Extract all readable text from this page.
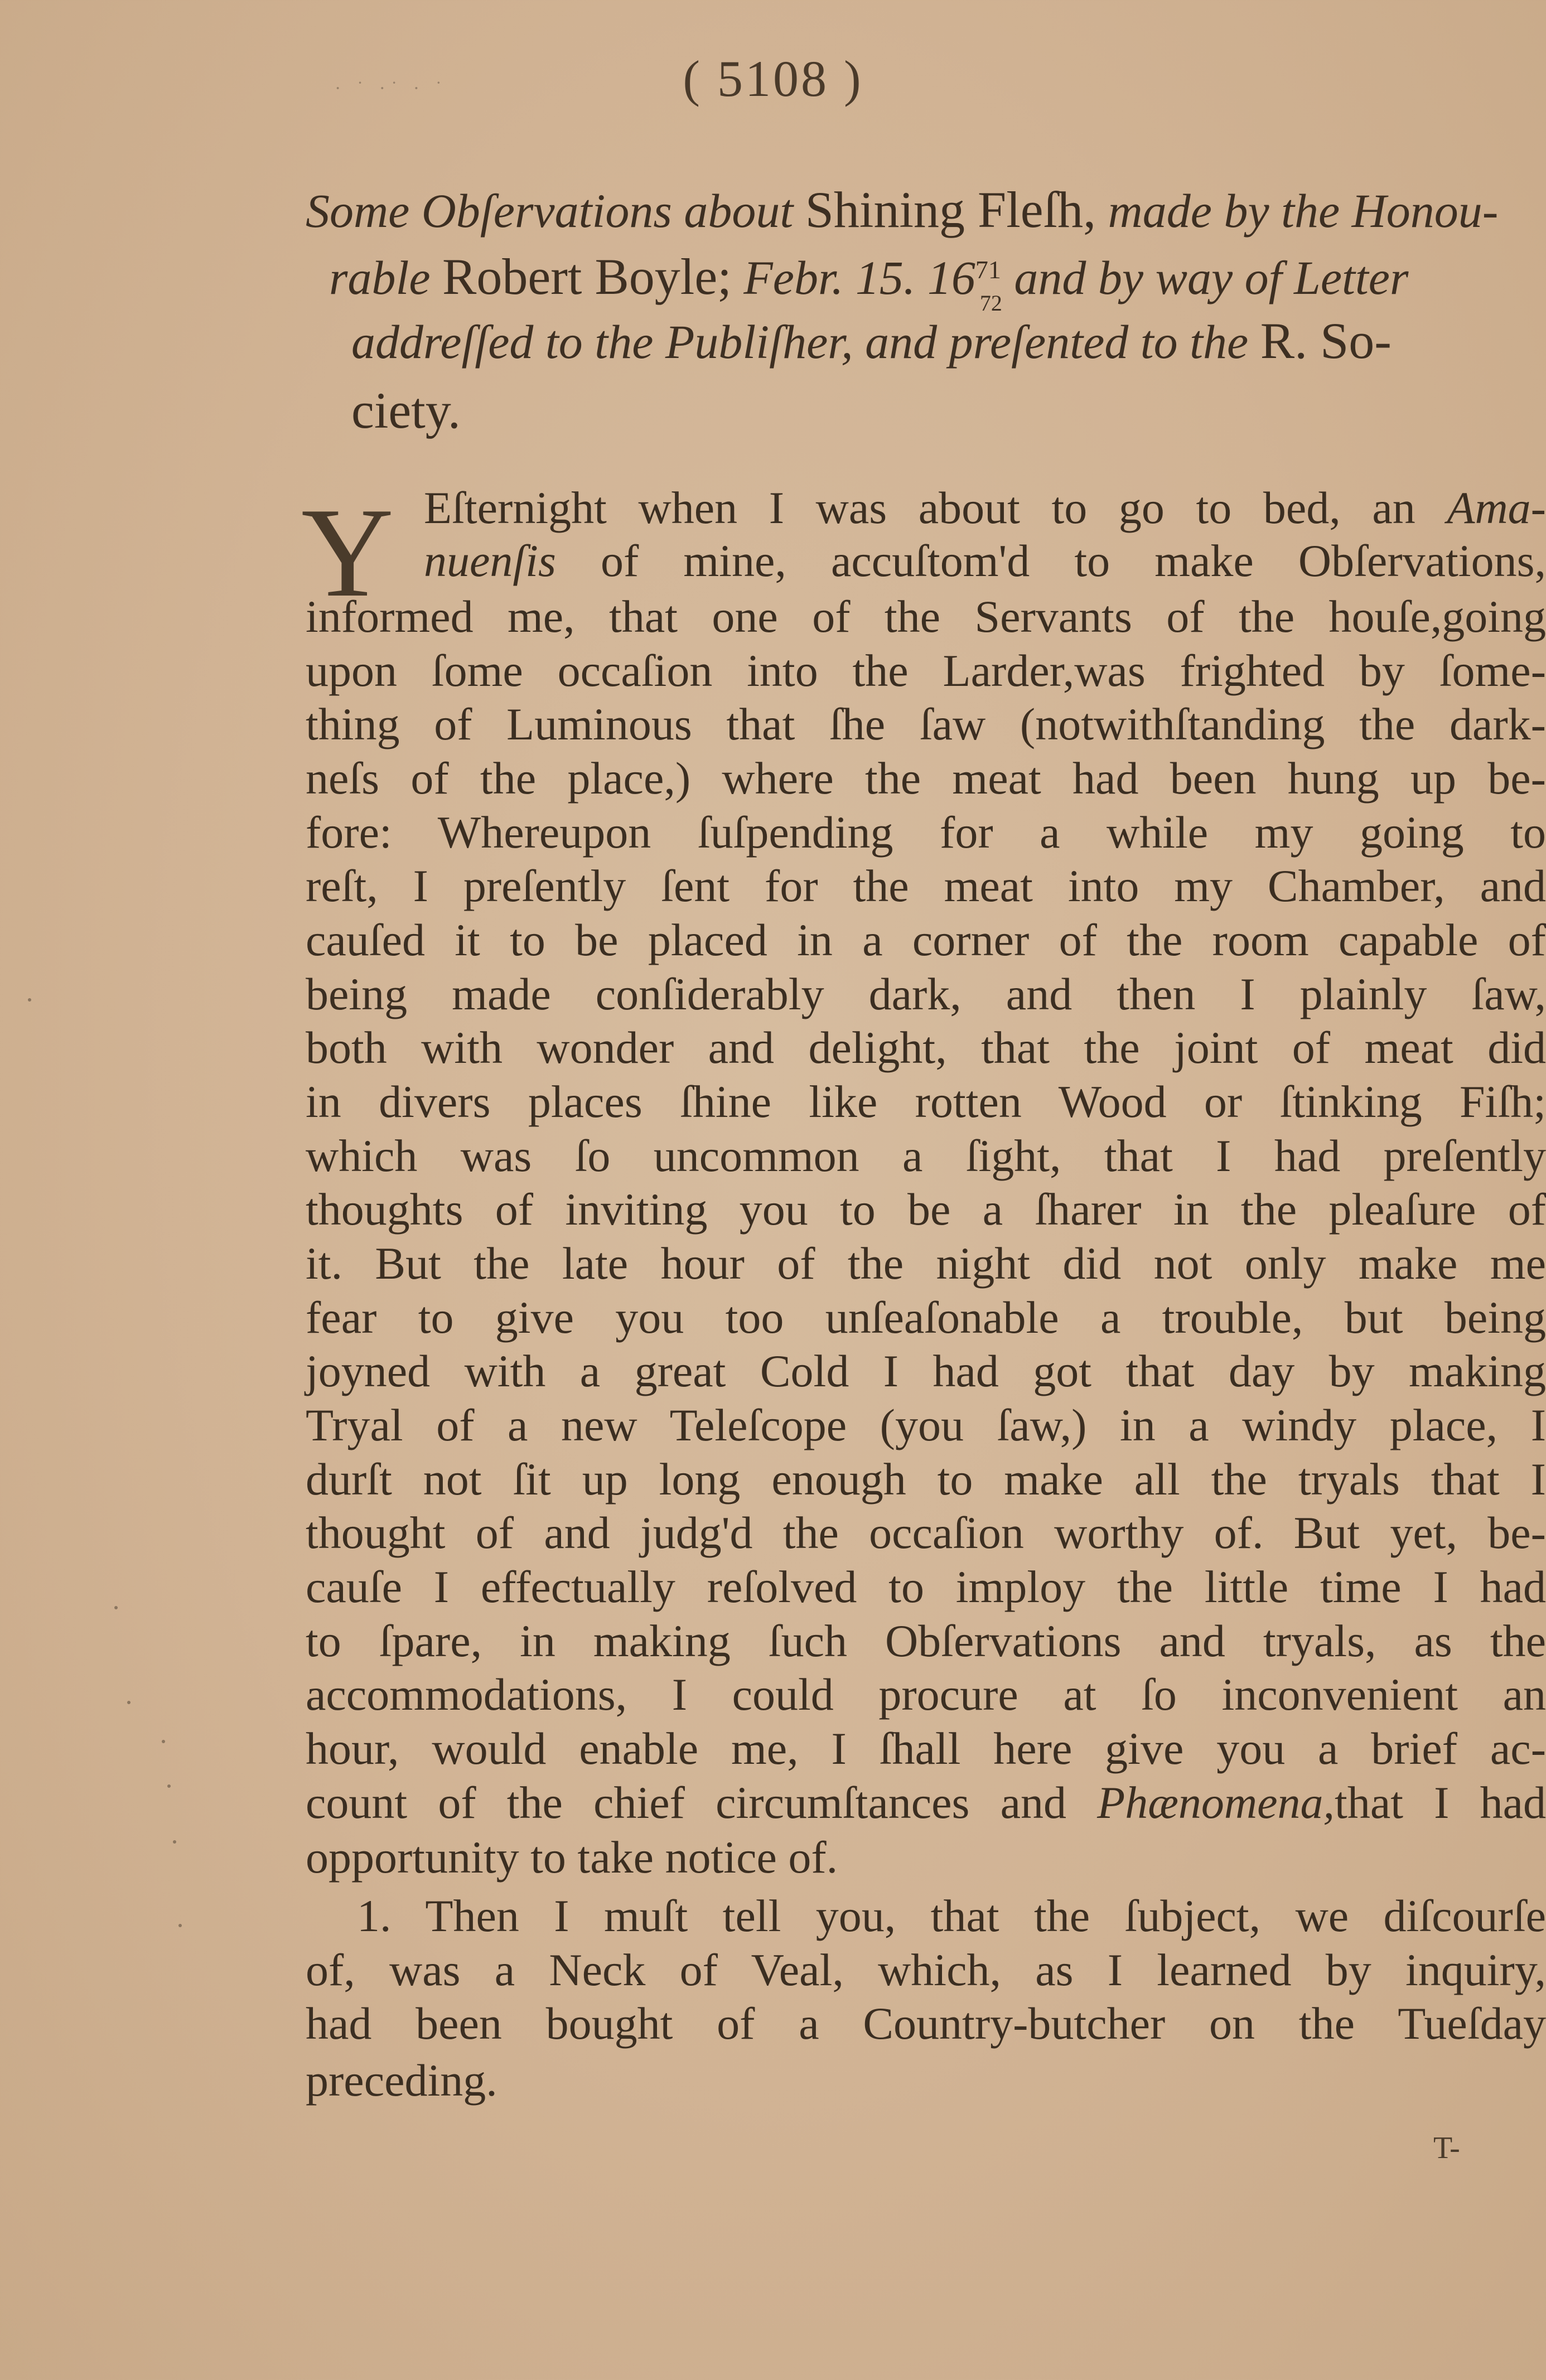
· ˙ ·˙ · ˙	( 5108 )
Some Obſervations about Shining Fleſh, made by the Honou-
rable Robert Boyle; Febr. 15. $16^{71}_{72}$ and by way of Letter
addreſſed to the Publiſher, and preſented to the R. So-
ciety.
Y Eſternight when I was about to go to bed, an Ama-
nuenſis of mine, accuſtom'd to make Obſervations,
informed me, that one of the Servants of the houſe,going
upon ſome occaſion into the Larder,was frighted by ſome-
thing of Luminous that ſhe ſaw (notwithſtanding the dark-
neſs of the place,) where the meat had been hung up be-
fore: Whereupon ſuſpending for a while my going to
reſt, I preſently ſent for the meat into my Chamber, and
cauſed it to be placed in a corner of the room capable of
being made conſiderably dark, and then I plainly ſaw,
both with wonder and delight, that the joint of meat did
in divers places ſhine like rotten Wood or ſtinking Fiſh;
which was ſo uncommon a ſight, that I had preſently
thoughts of inviting you to be a ſharer in the pleaſure of
it. But the late hour of the night did not only make me
fear to give you too unſeaſonable a trouble, but being
joyned with a great Cold I had got that day by making
Tryal of a new Teleſcope (you ſaw,) in a windy place, I
durſt not ſit up long enough to make all the tryals that I
thought of and judg'd the occaſion worthy of. But yet, be-
cauſe I effectually reſolved to imploy the little time I had
to ſpare, in making ſuch Obſervations and tryals, as the
accommodations, I could procure at ſo inconvenient an
hour, would enable me, I ſhall here give you a brief ac-
count of the chief circumſtances and Phænomena,that I had
opportunity to take notice of.
1. Then I muſt tell you, that the ſubject, we diſcourſe
of, was a Neck of Veal, which, as I learned by inquiry,
had been bought of a Country-butcher on the Tueſday
preceding.
T-
